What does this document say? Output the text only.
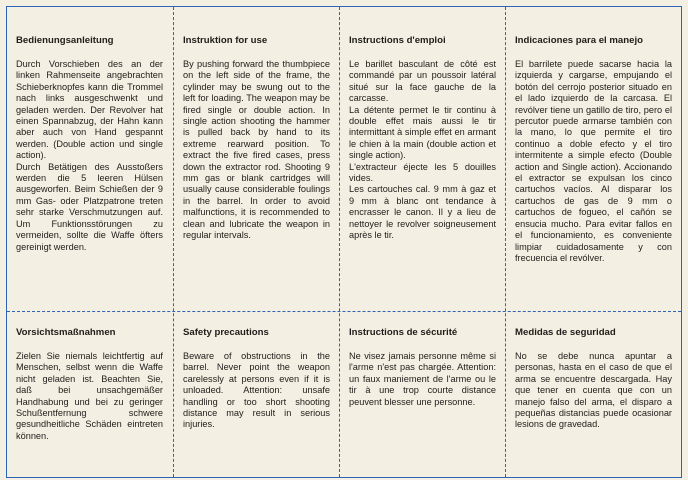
Bedienungsanleitung

Durch Vorschieben des an der linken Rahmenseite angebrachten Schieberknopfes kann die Trommel nach links ausgeschwenkt und geladen werden. Der Revolver hat einen Spannabzug, der Hahn kann aber auch von Hand gespannt werden. (Double action und single action).
Durch Betätigen des Ausstoßers werden die 5 leeren Hülsen ausgeworfen. Beim Schießen der 9 mm Gas- oder Platzpatrone treten sehr starke Verschmutzungen auf. Um Funktionsstörungen zu vermeiden, sollte die Waffe öfters gereinigt werden.

Instruktion for use

By pushing forward the thumbpiece on the left side of the frame, the cylinder may be swung out to the left for loading. The weapon may be fired single or double action. In single action shooting the hammer is pulled back by hand to its extreme rearward position. To extract the five fired cases, press down the extractor rod. Shooting 9 mm gas or blank cartridges will usually cause considerable foulings in the barrel. In order to avoid malfunctions, it is recommended to clean and lubricate the weapon in regular intervals.

Instructions d'emploi

Le barillet basculant de côté est commandé par un poussoir latéral situé sur la face gauche de la carcasse.
La détente permet le tir continu à double effet mais aussi le tir intermittant à simple effet en armant le chien à la main (double action et single action).
L'extracteur éjecte les 5 douilles vides.
Les cartouches cal. 9 mm à gaz et 9 mm à blanc ont tendance à encrasser le canon. Il y a lieu de nettoyer le revolver soigneusement après le tir.

Indicaciones para el manejo

El barrilete puede sacarse hacia la izquierda y cargarse, empujando el botón del cerrojo posterior situado en el lado izquierdo de la carcasa. El revólver tiene un gatillo de tiro, pero el percutor puede armarse también con la mano, lo que permite el tiro continuo a doble efecto y el tiro intermitente a simple efecto (Double action and Single action). Accionando el extractor se expulsan los cinco cartuchos vacíos. Al disparar los cartuchos de gas de 9 mm o cartuchos de fogueo, el cañón se ensucia mucho. Para evitar fallos en el funcionamiento, es conveniente limpiar cuidadosamente y con frecuencia el revólver.

Vorsichtsmaßnahmen

Zielen Sie niemals leichtfertig auf Menschen, selbst wenn die Waffe nicht geladen ist. Beachten Sie, daß bei unsachgemäßer Handhabung und bei zu geringer Schußentfernung schwere gesundheitliche Schäden eintreten können.

Safety precautions

Beware of obstructions in the barrel. Never point the weapon carelessly at persons even if it is unloaded. Attention: unsafe handling or too short shooting distance may result in serious injuries.

Instructions de sécurité

Ne visez jamais personne même si l'arme n'est pas chargée. Attention: un faux maniement de l'arme ou le tir à une trop courte distance peuvent blesser une personne.

Medidas de seguridad

No se debe nunca apuntar a personas, hasta en el caso de que el arma se encuentre descargada. Hay que tener en cuenta que con un manejo falso del arma, el disparo a pequeñas distancias puede ocasionar lesions de gravedad.
